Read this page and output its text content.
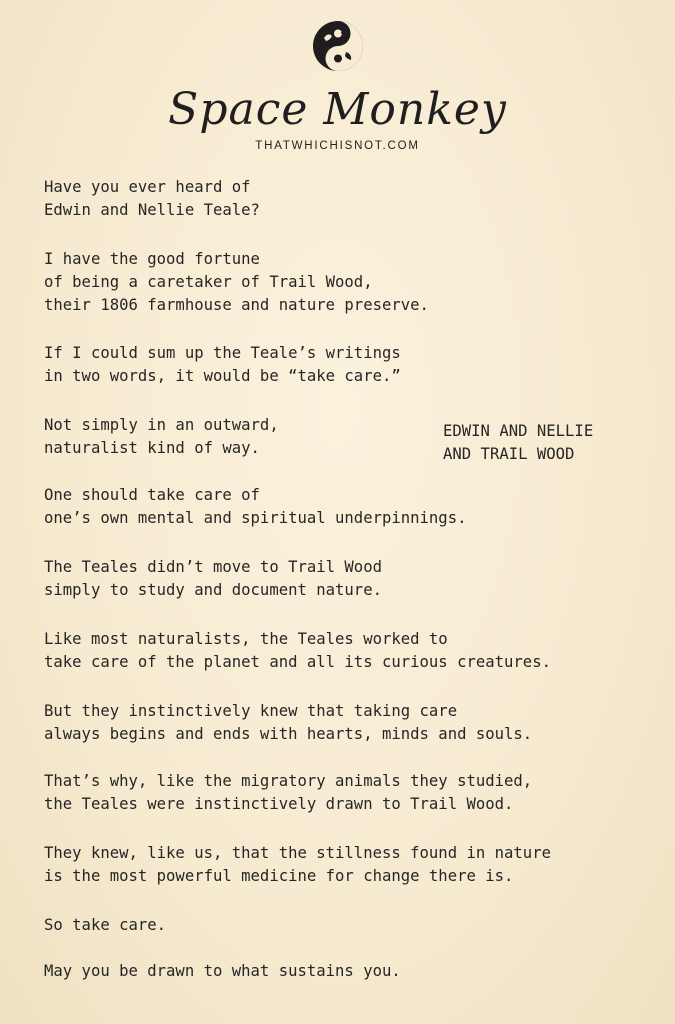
Space Monkey
THATWHICHISNOT.COM
Have you ever heard of
Edwin and Nellie Teale?
I have the good fortune
of being a caretaker of Trail Wood,
their 1806 farmhouse and nature preserve.
If I could sum up the Teale’s writings
in two words, it would be “take care.”
Not simply in an outward,
naturalist kind of way.
One should take care of
one’s own mental and spiritual underpinnings.
The Teales didn’t move to Trail Wood
simply to study and document nature.
Like most naturalists, the Teales worked to
take care of the planet and all its curious creatures.
But they instinctively knew that taking care
always begins and ends with hearts, minds and souls.
That’s why, like the migratory animals they studied,
the Teales were instinctively drawn to Trail Wood.
They knew, like us, that the stillness found in nature
is the most powerful medicine for change there is.
So take care.
May you be drawn to what sustains you.
EDWIN AND NELLIE
AND TRAIL WOOD
